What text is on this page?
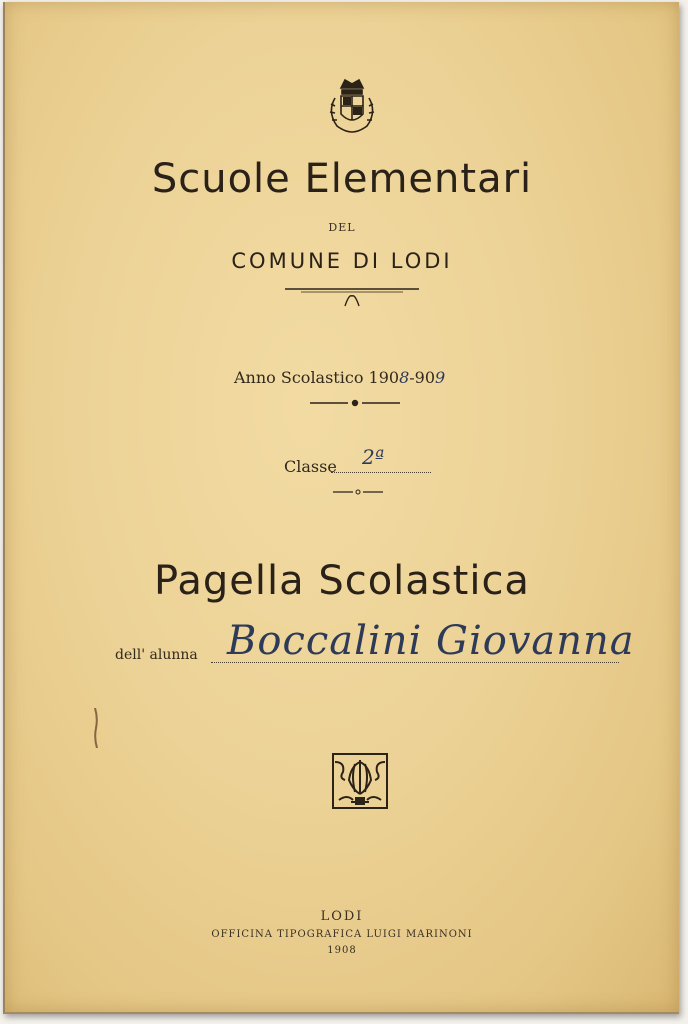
Scuole Elementari
DEL
COMUNE DI LODI
Anno Scolastico 1908-909
Classe 2ª
Pagella Scolastica
dell' alunna Boccalini Giovanna
LODI
OFFICINA TIPOGRAFICA LUIGI MARINONI
1908
